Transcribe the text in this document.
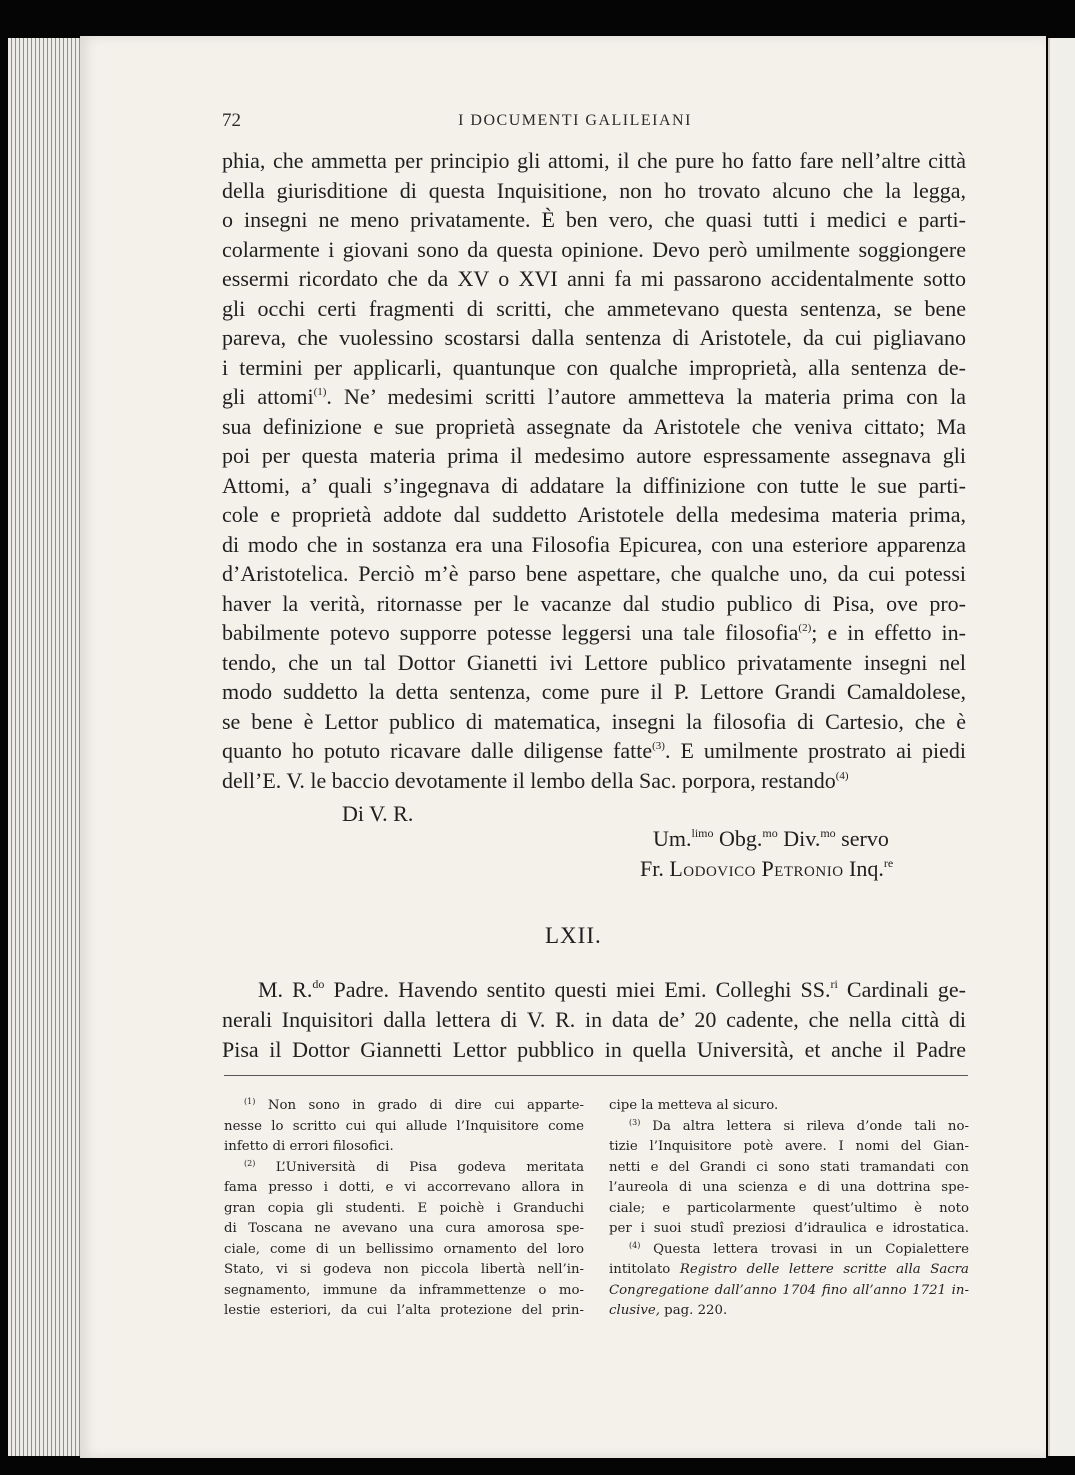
72	I DOCUMENTI GALILEIANI
phia, che ammetta per principio gli attomi, il che pure ho fatto fare nell’altre città
della giurisditione di questa Inquisitione, non ho trovato alcuno che la legga,
o insegni ne meno privatamente. È ben vero, che quasi tutti i medici e parti-
colarmente i giovani sono da questa opinione. Devo però umilmente soggiongere
essermi ricordato che da XV o XVI anni fa mi passarono accidentalmente sotto
gli occhi certi fragmenti di scritti, che ammetevano questa sentenza, se bene
pareva, che vuolessino scostarsi dalla sentenza di Aristotele, da cui pigliavano
i termini per applicarli, quantunque con qualche improprietà, alla sentenza de-
gli attomi$^{(1)}$. Ne’ medesimi scritti l’autore ammetteva la materia prima con la
sua definizione e sue proprietà assegnate da Aristotele che veniva cittato; Ma
poi per questa materia prima il medesimo autore espressamente assegnava gli
Attomi, a’ quali s’ingegnava di addatare la diffinizione con tutte le sue parti-
cole e proprietà addote dal suddetto Aristotele della medesima materia prima,
di modo che in sostanza era una Filosofia Epicurea, con una esteriore apparenza
d’Aristotelica. Perciò m’è parso bene aspettare, che qualche uno, da cui potessi
haver la verità, ritornasse per le vacanze dal studio publico di Pisa, ove pro-
babilmente potevo supporre potesse leggersi una tale filosofia$^{(2)}$; e in effetto in-
tendo, che un tal Dottor Gianetti ivi Lettore publico privatamente insegni nel
modo suddetto la detta sentenza, come pure il P. Lettore Grandi Camaldolese,
se bene è Lettor publico di matematica, insegni la filosofia di Cartesio, che è
quanto ho potuto ricavare dalle diligense fatte$^{(3)}$. E umilmente prostrato ai piedi
dell’E. V. le baccio devotamente il lembo della Sac. porpora, restando$^{(4)}$
Di V. R.
Um.$^{limo}$ Obg.$^{mo}$ Div.$^{mo}$ servo
Fr. Lodovico Petronio Inq.$^{re}$
LXII.
M. R.$^{do}$ Padre. Havendo sentito questi miei Emi. Colleghi SS.$^{ri}$ Cardinali ge-
nerali Inquisitori dalla lettera di V. R. in data de’ 20 cadente, che nella città di
Pisa il Dottor Giannetti Lettor pubblico in quella Università, et anche il Padre
$^{(1)}$ Non sono in grado di dire cui apparte-
nesse lo scritto cui qui allude l’Inquisitore come
infetto di errori filosofici.
$^{(2)}$ L’Università di Pisa godeva meritata
fama presso i dotti, e vi accorrevano allora in
gran copia gli studenti. E poichè i Granduchi
di Toscana ne avevano una cura amorosa spe-
ciale, come di un bellissimo ornamento del loro
Stato, vi si godeva non piccola libertà nell’in-
segnamento, immune da inframmettenze o mo-
lestie esteriori, da cui l’alta protezione del prin-
cipe la metteva al sicuro.
$^{(3)}$ Da altra lettera si rileva d’onde tali no-
tizie l’Inquisitore potè avere. I nomi del Gian-
netti e del Grandi ci sono stati tramandati con
l’aureola di una scienza e di una dottrina spe-
ciale; e particolarmente quest’ultimo è noto
per i suoi studî preziosi d’idraulica e idrostatica.
$^{(4)}$ Questa lettera trovasi in un Copialettere
intitolato Registro delle lettere scritte alla Sacra
Congregatione dall’anno 1704 fino all’anno 1721 in-
clusive, pag. 220.
